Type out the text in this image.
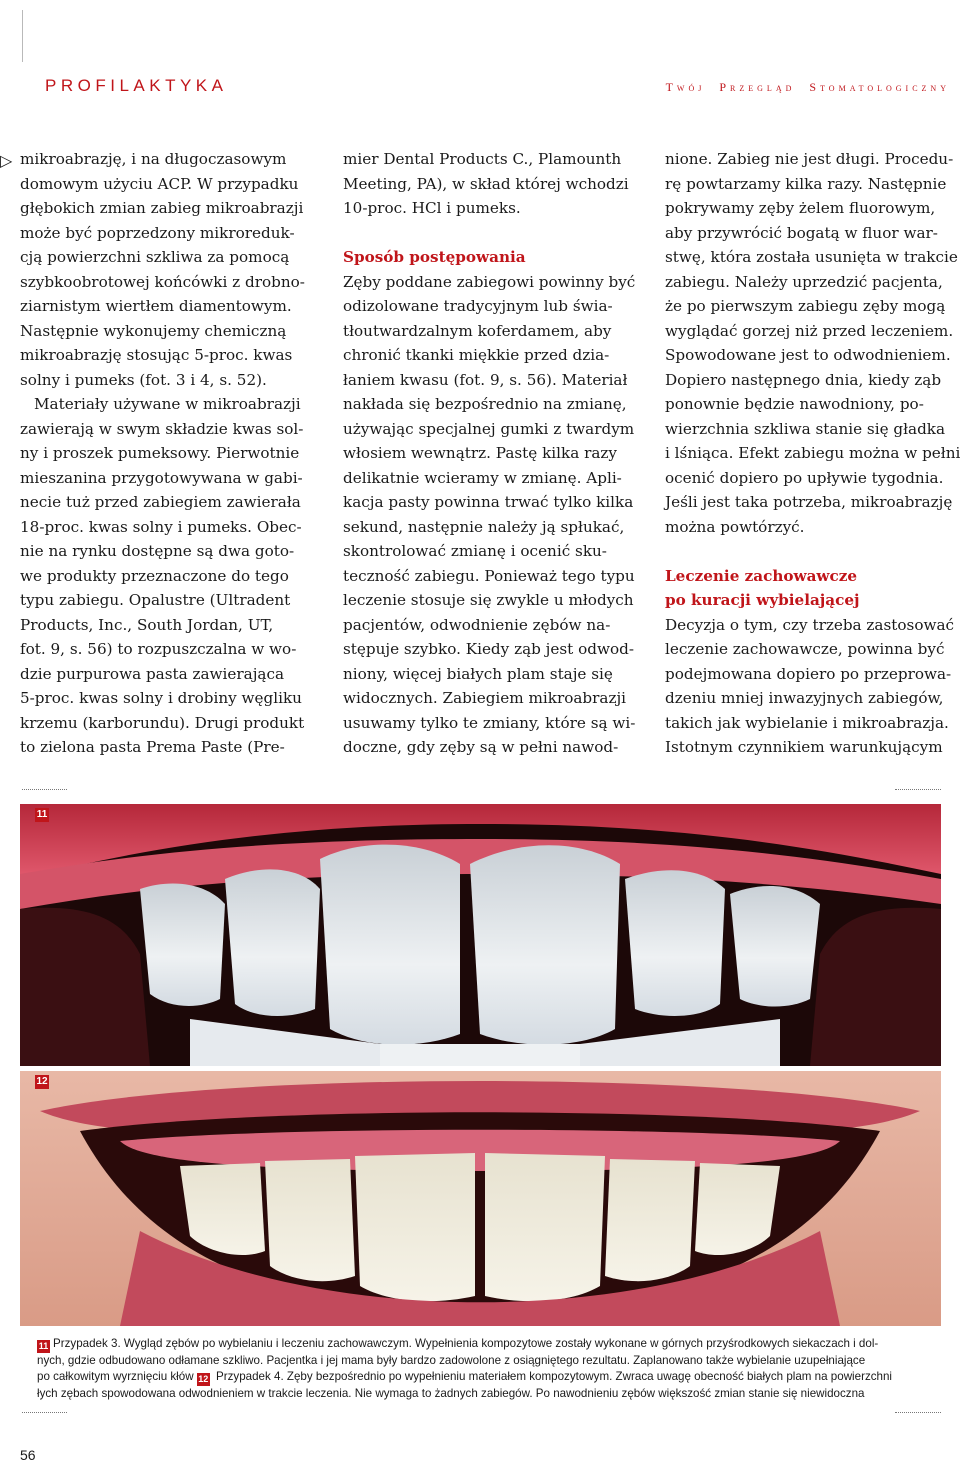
PROFILAKTYKA	TWÓJ PRZEGLĄD STOMATOLOGICZNY
▷ mikroabrazję, i na długoczasowym

domowym użyciu ACP. W przypadku

głębokich zmian zabieg mikroabrazji

może być poprzedzony mikroreduk-

cją powierzchni szkliwa za pomocą

szybkoobrotowej końcówki z drobno-

ziarnistym wiertłem diamentowym.

Następnie wykonujemy chemiczną

mikroabrazję stosując 5-proc. kwas

solny i pumeks (fot. 3 i 4, s. 52).

Materiały używane w mikroabrazji

zawierają w swym składzie kwas sol-

ny i proszek pumeksowy. Pierwotnie

mieszanina przygotowywana w gabi-

necie tuż przed zabiegiem zawierała

18-proc. kwas solny i pumeks. Obec-

nie na rynku dostępne są dwa goto-

we produkty przeznaczone do tego

typu zabiegu. Opalustre (Ultradent

Products, Inc., South Jordan, UT,

fot. 9, s. 56) to rozpuszczalna w wo-

dzie purpurowa pasta zawierająca

5-proc. kwas solny i drobiny węgliku

krzemu (karborundu). Drugi produkt

to zielona pasta Prema Paste (Pre-

mier Dental Products C., Plamounth

Meeting, PA), w skład której wchodzi

10-proc. HCl i pumeks.

Sposób postępowania

Zęby poddane zabiegowi powinny być

odizolowane tradycyjnym lub świa-

tłoutwardzalnym koferdamem, aby

chronić tkanki miękkie przed dzia-

łaniem kwasu (fot. 9, s. 56). Materiał

nakłada się bezpośrednio na zmianę,

używając specjalnej gumki z twardym

włosiem wewnątrz. Pastę kilka razy

delikatnie wcieramy w zmianę. Apli-

kacja pasty powinna trwać tylko kilka

sekund, następnie należy ją spłukać,

skontrolować zmianę i ocenić sku-

teczność zabiegu. Ponieważ tego typu

leczenie stosuje się zwykle u młodych

pacjentów, odwodnienie zębów na-

stępuje szybko. Kiedy ząb jest odwod-

niony, więcej białych plam staje się

widocznych. Zabiegiem mikroabrazji

usuwamy tylko te zmiany, które są wi-

doczne, gdy zęby są w pełni nawod-

nione. Zabieg nie jest długi. Procedu-

rę powtarzamy kilka razy. Następnie

pokrywamy zęby żelem fluorowym,

aby przywrócić bogatą w fluor war-

stwę, która została usunięta w trakcie

zabiegu. Należy uprzedzić pacjenta,

że po pierwszym zabiegu zęby mogą

wyglądać gorzej niż przed leczeniem.

Spowodowane jest to odwodnieniem.

Dopiero następnego dnia, kiedy ząb

ponownie będzie nawodniony, po-

wierzchnia szkliwa stanie się gładka

i lśniąca. Efekt zabiegu można w pełni

ocenić dopiero po upływie tygodnia.

Jeśli jest taka potrzeba, mikroabrazję

można powtórzyć.

Leczenie zachowawcze
po kuracji wybielającej

Decyzja o tym, czy trzeba zastosować

leczenie zachowawcze, powinna być

podejmowana dopiero po przeprowa-

dzeniu mniej inwazyjnych zabiegów,

takich jak wybielanie i mikroabrazja.

Istotnym czynnikiem warunkującym

11
12

11 Przypadek 3. Wygląd zębów po wybielaniu i leczeniu zachowawczym. Wypełnienia kompozytowe zostały wykonane w górnych przyśrodkowych siekaczach i dol-

nych, gdzie odbudowano odłamane szkliwo. Pacjentka i jej mama były bardzo zadowolone z osiągniętego rezultatu. Zaplanowano także wybielanie uzupełniające

po całkowitym wyrznięciu kłów 12 Przypadek 4. Zęby bezpośrednio po wypełnieniu materiałem kompozytowym. Zwraca uwagę obecność białych plam na powierzchni

łych zębach spowodowana odwodnieniem w trakcie leczenia. Nie wymaga to żadnych zabiegów. Po nawodnieniu zębów większość zmian stanie się niewidoczna

56
